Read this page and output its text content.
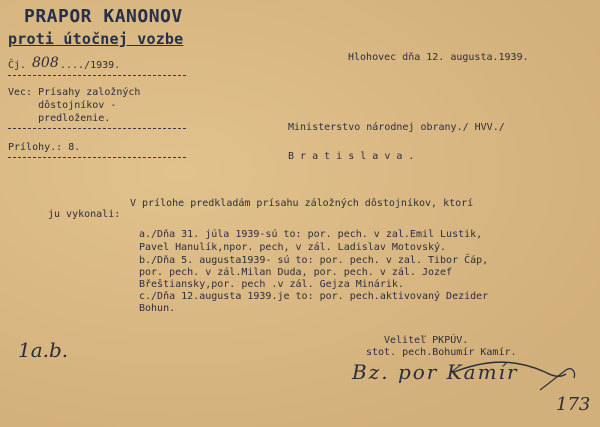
PRAPOR KANONOV
proti útočnej vozbe
Čj. 808 ..../1939.
Hlohovec dňa 12. augusta.1939.
Vec: Prísahy založných
dôstojníkov -
predloženie.
Prílohy.: 8.
Ministerstvo národnej obrany./ HVV./
B r a t i s l a v a .
V prílohe predkladám prísahu záložných dôstojníkov, ktorí
ju vykonali:
a./Dňa 31. júla 1939-sú to: por. pech. v zal.Emil Lustik,
Pavel Hanulík,npor. pech, v zál. Ladislav Motovský.
b./Dňa 5. augusta1939- sú to: por. pech. v zal. Tibor Čáp,
por. pech. v zál.Milan Duda, por. pech. v zál. Jozef
Břeštiansky,por. pech .v zál. Gejza Minárik.
c./Dňa 12.augusta 1939.je to: por. pech.aktivovaný Dezider
Bohun.
Veliteľ PKPÚV.
stot. pech.Bohumír Kamír.
Bz. por Kamír
1a.b.
173
